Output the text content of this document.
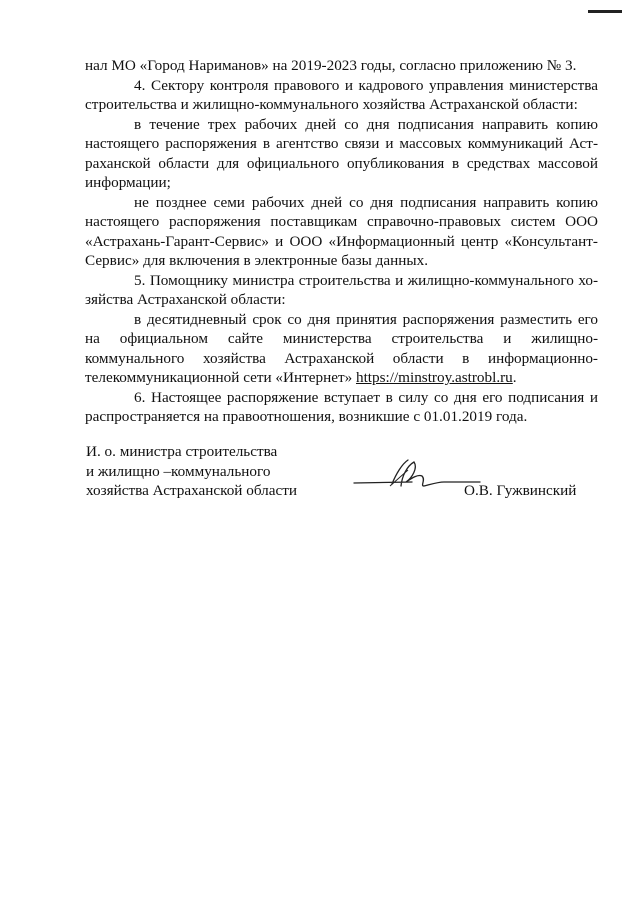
нал МО «Город Нариманов» на 2019-2023 годы, согласно приложению № 3.

4. Сектору контроля правового и кадрового управления министерства строительства и жилищно-коммунального хозяйства Астраханской области:

в течение трех рабочих дней со дня подписания направить копию настоящего распоряжения в агентство связи и массовых коммуникаций Астраханской области для официального опубликования в средствах массовой информации;

не позднее семи рабочих дней со дня подписания направить копию настоящего распоряжения поставщикам справочно-правовых систем ООО «Астрахань-Гарант-Сервис» и ООО «Информационный центр «Консультант- Сервис» для включения в электронные базы данных.

5. Помощнику министра строительства и жилищно-коммунального хозяйства Астраханской области:

в десятидневный срок со дня принятия распоряжения разместить его на официальном сайте министерства строительства и жилищно-коммунального хозяйства Астраханской области в информационно-телекоммуникационной сети «Интернет» https://minstroy.astrobl.ru.

6. Настоящее распоряжение вступает в силу со дня его подписания и распространяется на правоотношения, возникшие с 01.01.2019 года.

И. о. министра строительства
и жилищно –коммунального
хозяйства Астраханской области	О.В. Гужвинский
